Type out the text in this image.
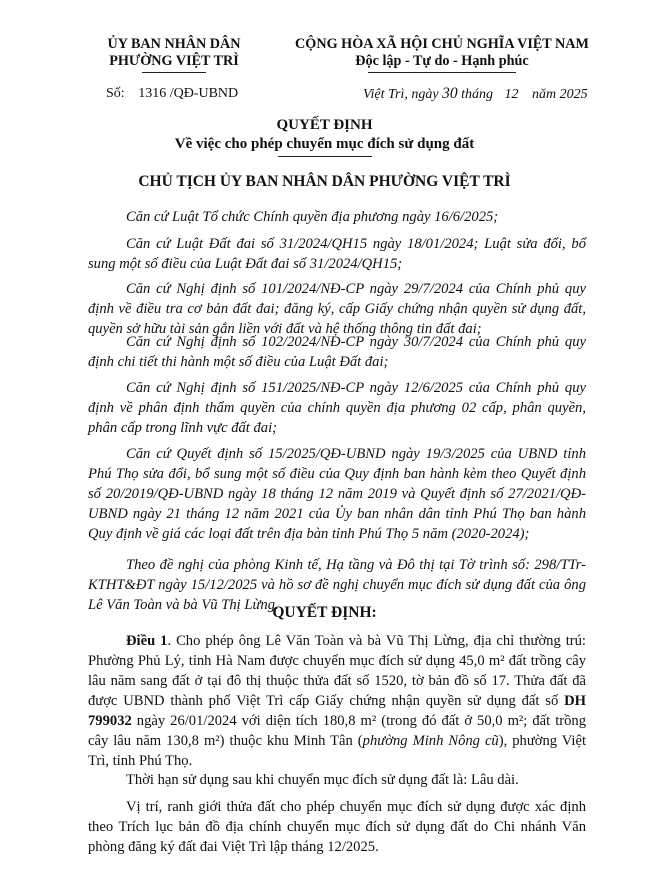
ỦY BAN NHÂN DÂN
PHƯỜNG VIỆT TRÌ
CỘNG HÒA XÃ HỘI CHỦ NGHĨA VIỆT NAM
Độc lập - Tự do - Hạnh phúc
Số: 1316 /QĐ-UBND	Việt Trì, ngày 30 tháng 12 năm 2025
QUYẾT ĐỊNH
Về việc cho phép chuyển mục đích sử dụng đất
CHỦ TỊCH ỦY BAN NHÂN DÂN PHƯỜNG VIỆT TRÌ
Căn cứ Luật Tổ chức Chính quyền địa phương ngày 16/6/2025;
Căn cứ Luật Đất đai số 31/2024/QH15 ngày 18/01/2024; Luật sửa đổi, bổ sung một số điều của Luật Đất đai số 31/2024/QH15;
Căn cứ Nghị định số 101/2024/NĐ-CP ngày 29/7/2024 của Chính phủ quy định về điều tra cơ bản đất đai; đăng ký, cấp Giấy chứng nhận quyền sử dụng đất, quyền sở hữu tài sản gắn liền với đất và hệ thống thông tin đất đai;
Căn cứ Nghị định số 102/2024/NĐ-CP ngày 30/7/2024 của Chính phủ quy định chi tiết thi hành một số điều của Luật Đất đai;
Căn cứ Nghị định số 151/2025/NĐ-CP ngày 12/6/2025 của Chính phủ quy định về phân định thẩm quyền của chính quyền địa phương 02 cấp, phân quyền, phân cấp trong lĩnh vực đất đai;
Căn cứ Quyết định số 15/2025/QĐ-UBND ngày 19/3/2025 của UBND tỉnh Phú Thọ sửa đổi, bổ sung một số điều của Quy định ban hành kèm theo Quyết định số 20/2019/QĐ-UBND ngày 18 tháng 12 năm 2019 và Quyết định số 27/2021/QĐ-UBND ngày 21 tháng 12 năm 2021 của Ủy ban nhân dân tỉnh Phú Thọ ban hành Quy định về giá các loại đất trên địa bàn tỉnh Phú Thọ 5 năm (2020-2024);
Theo đề nghị của phòng Kinh tế, Hạ tầng và Đô thị tại Tờ trình số: 298/TTr-KTHT&ĐT ngày 15/12/2025 và hồ sơ đề nghị chuyển mục đích sử dụng đất của ông Lê Văn Toàn và bà Vũ Thị Lừng.
QUYẾT ĐỊNH:
Điều 1. Cho phép ông Lê Văn Toàn và bà Vũ Thị Lừng, địa chỉ thường trú: Phường Phủ Lý, tỉnh Hà Nam được chuyển mục đích sử dụng 45,0 m² đất trồng cây lâu năm sang đất ở tại đô thị thuộc thửa đất số 1520, tờ bản đồ số 17. Thửa đất đã được UBND thành phố Việt Trì cấp Giấy chứng nhận quyền sử dụng đất số DH 799032 ngày 26/01/2024 với diện tích 180,8 m² (trong đó đất ở 50,0 m²; đất trồng cây lâu năm 130,8 m²) thuộc khu Minh Tân (phường Minh Nông cũ), phường Việt Trì, tỉnh Phú Thọ.
Thời hạn sử dụng sau khi chuyển mục đích sử dụng đất là: Lâu dài.
Vị trí, ranh giới thửa đất cho phép chuyển mục đích sử dụng được xác định theo Trích lục bản đồ địa chính chuyển mục đích sử dụng đất do Chi nhánh Văn phòng đăng ký đất đai Việt Trì lập tháng 12/2025.
